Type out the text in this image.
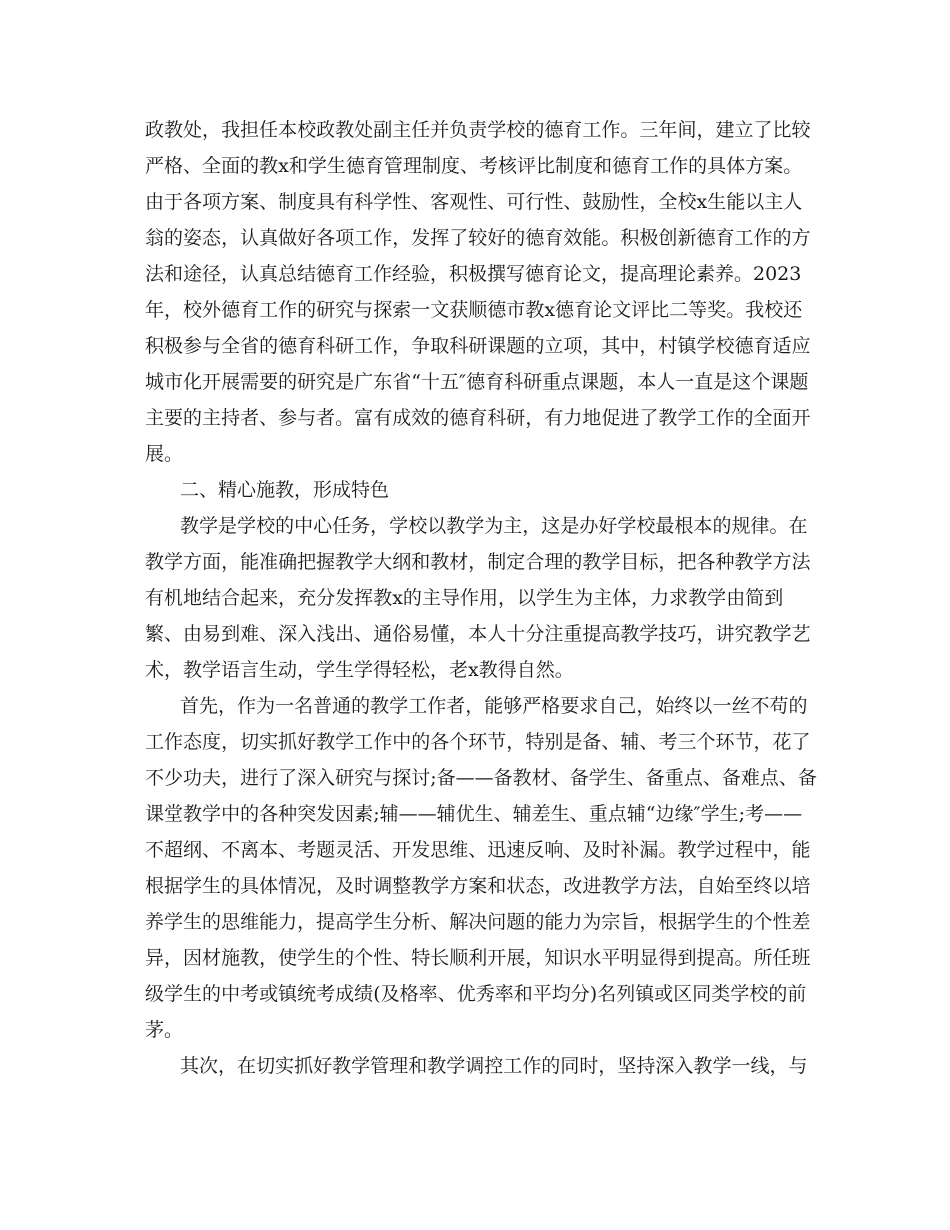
政 教 处 ， 我 担 任 本 校 政 教 处 副 主 任 并 负 责 学 校 的 德 育 工 作 。 三 年 间 ， 建 立 了 比 较

严 格 、 全 面 的 教 x 和 学 生 德 育 管 理 制 度 、 考 核 评 比 制 度 和 德 育 工 作 的 具 体 方 案 。

由 于 各 项 方 案 、 制 度 具 有 科 学 性 、 客 观 性 、 可 行 性 、 鼓 励 性 ， 全 校 x 生 能 以 主 人

翁 的 姿 态 ， 认 真 做 好 各 项 工 作 ， 发 挥 了 较 好 的 德 育 效 能 。 积 极 创 新 德 育 工 作 的 方

法和途径，认真总结德育工作经验，积极撰写德育论文，提高理论素养。2023

年 ， 校 外 德 育 工 作 的 研 究 与 探 索 一 文 获 顺 德 市 教 x 德 育 论 文 评 比 二 等 奖 。 我 校 还

积 极 参 与 全 省 的 德 育 科 研 工 作 ， 争 取 科 研 课 题 的 立 项 ， 其 中 ， 村 镇 学 校 德 育 适 应

城 市 化 开 展 需 要 的 研 究 是 广 东 省 “ 十 五 ″ 德 育 科 研 重 点 课 题 ， 本 人 一 直 是 这 个 课 题

主 要 的 主 持 者 、 参 与 者 。 富 有 成 效 的 德 育 科 研 ， 有 力 地 促 进 了 教 学 工 作 的 全 面 开

展。

二、精心施教，形成特色

教 学 是 学 校 的 中 心 任 务 ， 学 校 以 教 学 为 主 ， 这 是 办 好 学 校 最 根 本 的 规 律 。 在

教 学 方 面 ， 能 准 确 把 握 教 学 大 纲 和 教 材 ， 制 定 合 理 的 教 学 目 标 ， 把 各 种 教 学 方 法

有 机 地 结 合 起 来 ， 充 分 发 挥 教 x 的 主 导 作 用 ， 以 学 生 为 主 体 ， 力 求 教 学 由 简 到

繁 、 由 易 到 难 、 深 入 浅 出 、 通 俗 易 懂 ， 本 人 十 分 注 重 提 高 教 学 技 巧 ， 讲 究 教 学 艺

术，教学语言生动，学生学得轻松，老x教得自然。

首 先 ， 作 为 一 名 普 通 的 教 学 工 作 者 ， 能 够 严 格 要 求 自 己 ， 始 终 以 一 丝 不 苟 的

工 作 态 度 ， 切 实 抓 好 教 学 工 作 中 的 各 个 环 节 ， 特 别 是 备 、 辅 、 考 三 个 环 节 ， 花 了

不 少 功 夫 ， 进 行 了 深 入 研 究 与 探 讨 ; 备 — — 备 教 材 、 备 学 生 、 备 重 点 、 备 难 点 、 备

课 堂 教 学 中 的 各 种 突 发 因 素 ; 辅 — — 辅 优 生 、 辅 差 生 、 重 点 辅 “ 边 缘 ″ 学 生 ; 考 — —

不 超 纲 、 不 离 本 、 考 题 灵 活 、 开 发 思 维 、 迅 速 反 响 、 及 时 补 漏 。 教 学 过 程 中 ， 能

根 据 学 生 的 具 体 情 况 ， 及 时 调 整 教 学 方 案 和 状 态 ， 改 进 教 学 方 法 ， 自 始 至 终 以 培

养 学 生 的 思 维 能 力 ， 提 高 学 生 分 析 、 解 决 问 题 的 能 力 为 宗 旨 ， 根 据 学 生 的 个 性 差

异 ， 因 材 施 教 ， 使 学 生 的 个 性 、 特 长 顺 利 开 展 ， 知 识 水 平 明 显 得 到 提 高 。 所 任 班

级 学 生 的 中 考 或 镇 统 考 成 绩 ( 及 格 率 、 优 秀 率 和 平 均 分 ) 名 列 镇 或 区 同 类 学 校 的 前

茅。

其 次 ， 在 切 实 抓 好 教 学 管 理 和 教 学 调 控 工 作 的 同 时 ， 坚 持 深 入 教 学 一 线 ， 与
